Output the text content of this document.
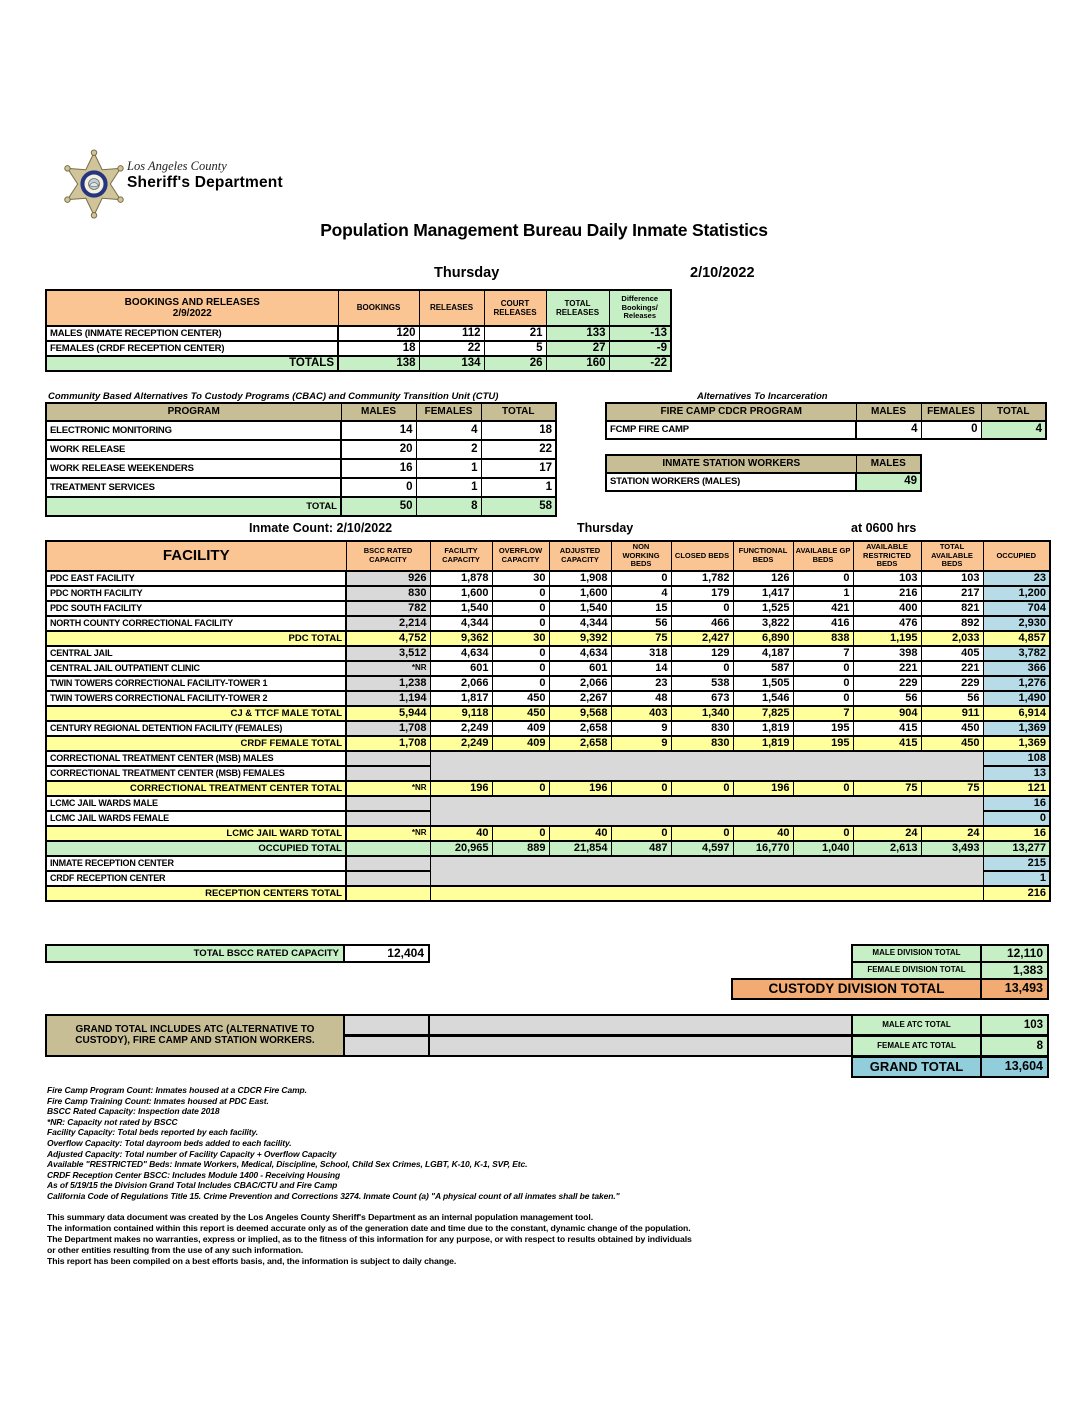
Los Angeles County
Sheriff's Department
Population Management Bureau Daily Inmate Statistics
Thursday	2/10/2022
BOOKINGS AND RELEASES
2/9/2022	BOOKINGS	RELEASES	COURT RELEASES	TOTAL RELEASES	Difference Bookings/ Releases
MALES (INMATE RECEPTION CENTER)	120	112	21	133	-13
FEMALES (CRDF RECEPTION CENTER)	18	22	5	27	-9
TOTALS	138	134	26	160	-22
Community Based Alternatives To Custody Programs (CBAC) and Community Transition Unit (CTU)	Alternatives To Incarceration
PROGRAM	MALES	FEMALES	TOTAL
ELECTRONIC MONITORING	14	4	18
WORK RELEASE	20	2	22
WORK RELEASE WEEKENDERS	16	1	17
TREATMENT SERVICES	0	1	1
TOTAL	50	8	58
FIRE CAMP CDCR PROGRAM	MALES	FEMALES	TOTAL
FCMP FIRE CAMP	4	0	4
INMATE STATION WORKERS	MALES
STATION WORKERS (MALES)	49
Inmate Count: 2/10/2022	Thursday	at 0600 hrs
FACILITY	BSCC RATED CAPACITY	FACILITY CAPACITY	OVERFLOW CAPACITY	ADJUSTED CAPACITY	NON WORKING BEDS	CLOSED BEDS	FUNCTIONAL BEDS	AVAILABLE GP BEDS	AVAILABLE RESTRICTED BEDS	TOTAL AVAILABLE BEDS	OCCUPIED
PDC EAST FACILITY	926	1,878	30	1,908	0	1,782	126	0	103	103	23
PDC NORTH FACILITY	830	1,600	0	1,600	4	179	1,417	1	216	217	1,200
PDC SOUTH FACILITY	782	1,540	0	1,540	15	0	1,525	421	400	821	704
NORTH COUNTY CORRECTIONAL FACILITY	2,214	4,344	0	4,344	56	466	3,822	416	476	892	2,930
PDC TOTAL	4,752	9,362	30	9,392	75	2,427	6,890	838	1,195	2,033	4,857
CENTRAL JAIL	3,512	4,634	0	4,634	318	129	4,187	7	398	405	3,782
CENTRAL JAIL OUTPATIENT CLINIC	*NR	601	0	601	14	0	587	0	221	221	366
TWIN TOWERS CORRECTIONAL FACILITY-TOWER 1	1,238	2,066	0	2,066	23	538	1,505	0	229	229	1,276
TWIN TOWERS CORRECTIONAL FACILITY-TOWER 2	1,194	1,817	450	2,267	48	673	1,546	0	56	56	1,490
CJ & TTCF MALE TOTAL	5,944	9,118	450	9,568	403	1,340	7,825	7	904	911	6,914
CENTURY REGIONAL DETENTION FACILITY (FEMALES)	1,708	2,249	409	2,658	9	830	1,819	195	415	450	1,369
CRDF FEMALE TOTAL	1,708	2,249	409	2,658	9	830	1,819	195	415	450	1,369
CORRECTIONAL TREATMENT CENTER (MSB) MALES											108
CORRECTIONAL TREATMENT CENTER (MSB) FEMALES											13
CORRECTIONAL TREATMENT CENTER TOTAL	*NR	196	0	196	0	0	196	0	75	75	121
LCMC JAIL WARDS MALE											16
LCMC JAIL WARDS FEMALE											0
LCMC JAIL WARD TOTAL	*NR	40	0	40	0	0	40	0	24	24	16
OCCUPIED TOTAL		20,965	889	21,854	487	4,597	16,770	1,040	2,613	3,493	13,277
INMATE RECEPTION CENTER											215
CRDF RECEPTION CENTER											1
RECEPTION CENTERS TOTAL											216
TOTAL BSCC RATED CAPACITY	12,404	MALE DIVISION TOTAL	12,110
FEMALE DIVISION TOTAL	1,383
CUSTODY DIVISION TOTAL	13,493
GRAND TOTAL INCLUDES ATC (ALTERNATIVE TO CUSTODY), FIRE CAMP AND STATION WORKERS.
MALE ATC TOTAL	103
FEMALE ATC TOTAL	8
GRAND TOTAL	13,604
Fire Camp Program Count: Inmates housed at a CDCR Fire Camp.
Fire Camp Training Count: Inmates housed at PDC East.
BSCC Rated Capacity: Inspection date 2018
*NR: Capacity not rated by BSCC
Facility Capacity: Total beds reported by each facility.
Overflow Capacity: Total dayroom beds added to each facility.
Adjusted Capacity: Total number of Facility Capacity + Overflow Capacity
Available "RESTRICTED" Beds: Inmate Workers, Medical, Discipline, School, Child Sex Crimes, LGBT, K-10, K-1, SVP, Etc.
CRDF Reception Center BSCC: Includes Module 1400 - Receiving Housing
As of 5/19/15 the Division Grand Total Includes CBAC/CTU and Fire Camp
California Code of Regulations Title 15. Crime Prevention and Corrections 3274. Inmate Count (a) "A physical count of all inmates shall be taken."
This summary data document was created by the Los Angeles County Sheriff's Department as an internal population management tool.
The information contained within this report is deemed accurate only as of the generation date and time due to the constant, dynamic change of the population.
The Department makes no warranties, express or implied, as to the fitness of this information for any purpose, or with respect to results obtained by individuals
or other entities resulting from the use of any such information.
This report has been compiled on a best efforts basis, and, the information is subject to daily change.
